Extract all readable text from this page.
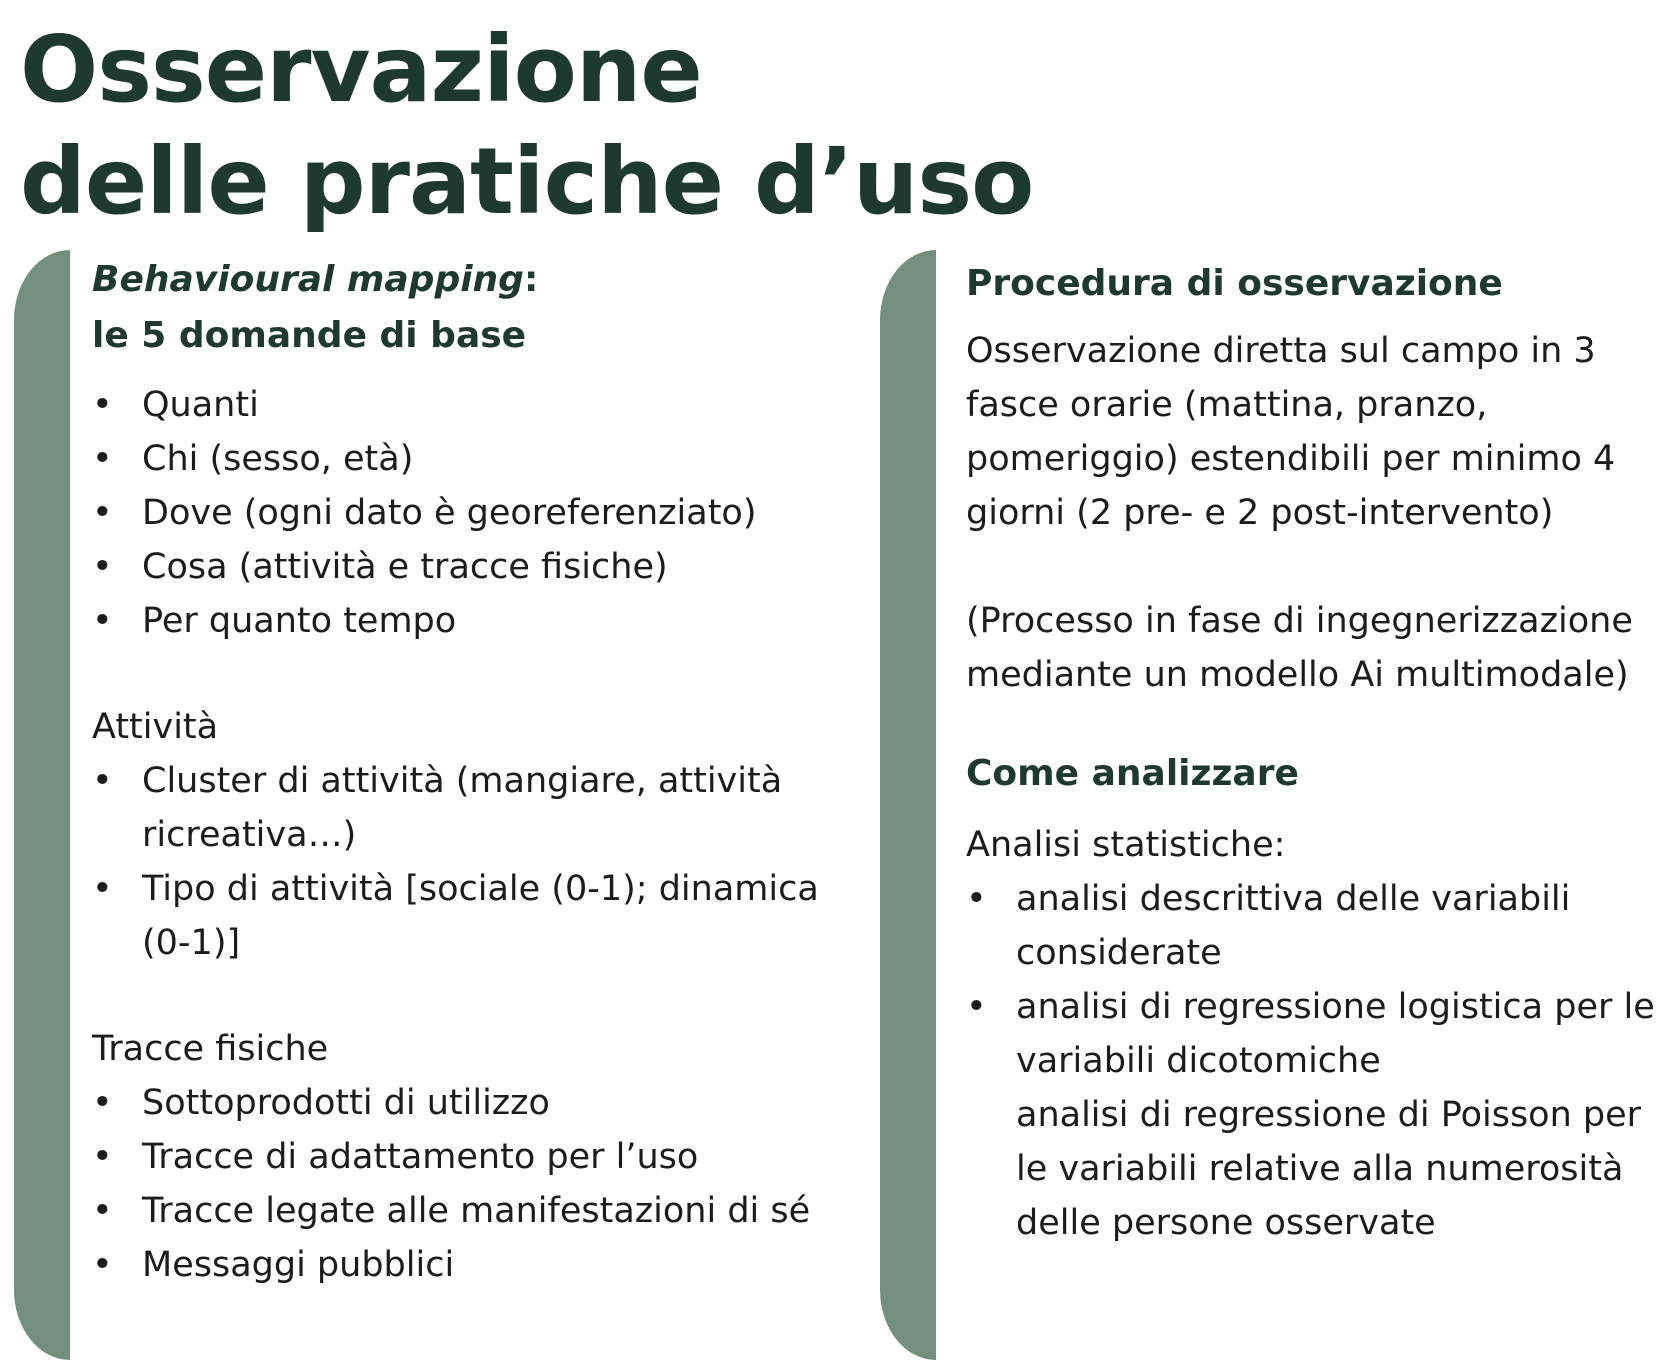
Osservazione
delle pratiche d’uso

Behavioural mapping:
le 5 domande di base

• Quanti
• Chi (sesso, età)
• Dove (ogni dato è georeferenziato)
• Cosa (attività e tracce fisiche)
• Per quanto tempo

Attività

• Cluster di attività (mangiare, attività ricreativa…)
• Tipo di attività [sociale (0-1); dinamica (0-1)]

Tracce fisiche

• Sottoprodotti di utilizzo
• Tracce di adattamento per l’uso
• Tracce legate alle manifestazioni di sé
• Messaggi pubblici

Procedura di osservazione

Osservazione diretta sul campo in 3 fasce orarie (mattina, pranzo, pomeriggio) estendibili per minimo 4 giorni (2 pre- e 2 post-intervento)

(Processo in fase di ingegnerizzazione mediante un modello Ai multimodale)

Come analizzare

Analisi statistiche:

• analisi descrittiva delle variabili considerate
• analisi di regressione logistica per le variabili dicotomiche

analisi di regressione di Poisson per le variabili relative alla numerosità delle persone osservate
